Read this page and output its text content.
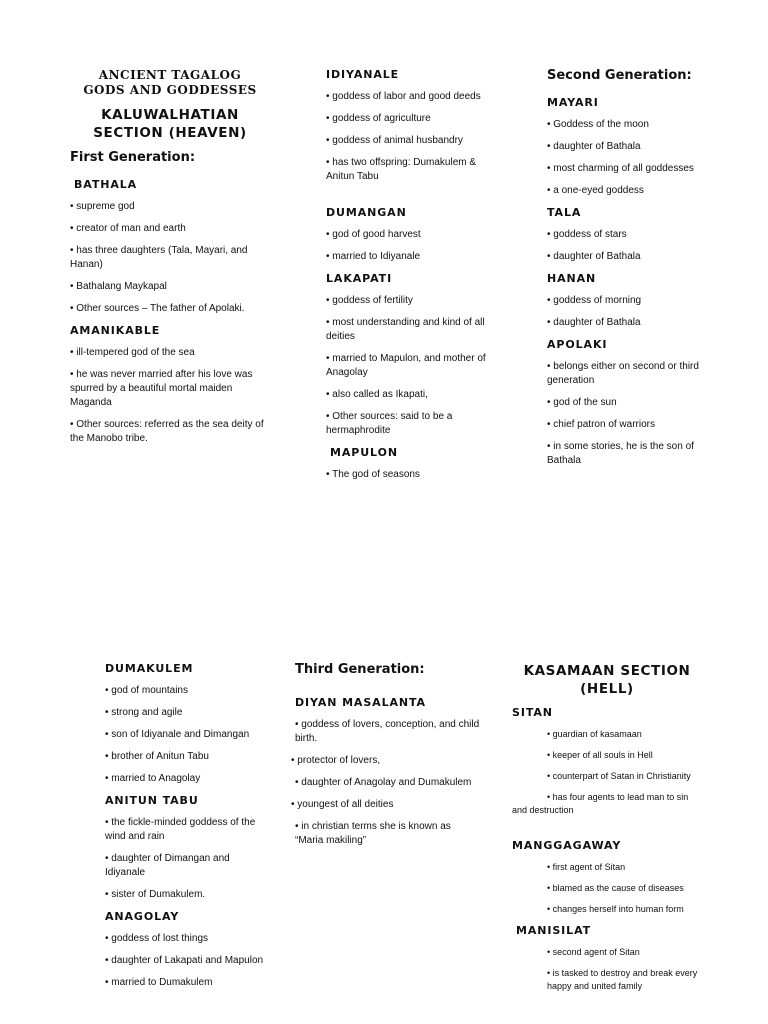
ANCIENT TAGALOG
GODS AND GODDESSES
KALUWALHATIAN
SECTION (HEAVEN)
First Generation:
BATHALA
• supreme god
• creator of man and earth
• has three daughters (Tala, Mayari, and Hanan)
• Bathalang Maykapal
• Other sources – The father of Apolaki.
AMANIKABLE
• ill-tempered god of the sea
• he was never married after his love was spurred by a beautiful mortal maiden Maganda
• Other sources: referred as the sea deity of the Manobo tribe.
IDIYANALE
• goddess of labor and good deeds
• goddess of agriculture
• goddess of animal husbandry
• has two offspring: Dumakulem & Anitun Tabu
DUMANGAN
• god of good harvest
• married to Idiyanale
LAKAPATI
• goddess of fertility
• most understanding and kind of all deities
• married to Mapulon, and mother of Anagolay
• also called as Ikapati,
• Other sources: said to be a hermaphrodite
MAPULON
• The god of seasons
Second Generation:
MAYARI
• Goddess of the moon
• daughter of Bathala
• most charming of all goddesses
• a one-eyed goddess
TALA
• goddess of stars
• daughter of Bathala
HANAN
• goddess of morning
• daughter of Bathala
APOLAKI
• belongs either on second or third generation
• god of the sun
• chief patron of warriors
• in some stories, he is the son of Bathala
DUMAKULEM
• god of mountains
• strong and agile
• son of Idiyanale and Dimangan
• brother of Anitun Tabu
• married to Anagolay
ANITUN TABU
• the fickle-minded goddess of the wind and rain
• daughter of Dimangan and Idiyanale
• sister of Dumakulem.
ANAGOLAY
• goddess of lost things
• daughter of Lakapati and Mapulon
• married to Dumakulem
Third Generation:
DIYAN MASALANTA
• goddess of lovers, conception, and child birth.
• protector of lovers,
• daughter of Anagolay and Dumakulem
• youngest of all deities
• in christian terms she is known as “Maria makiling”
KASAMAAN SECTION
(HELL)
SITAN
• guardian of kasamaan
• keeper of all souls in Hell
• counterpart of Satan in Christianity
• has four agents to lead man to sin and destruction
MANGGAGAWAY
• first agent of Sitan
• blamed as the cause of diseases
• changes herself into human form
MANISILAT
• second agent of Sitan
• is tasked to destroy and break every happy and united family
